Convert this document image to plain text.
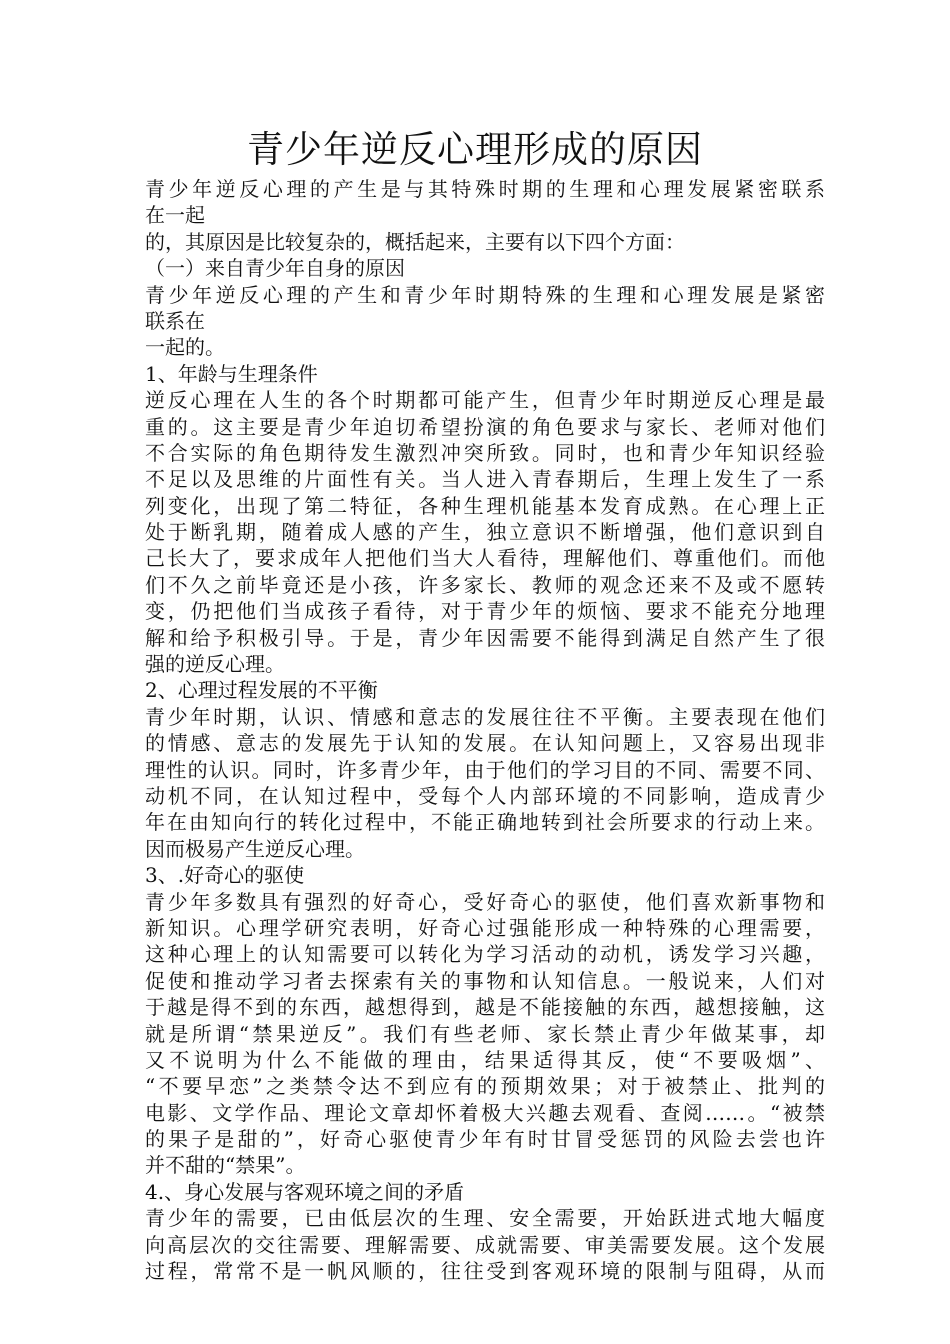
青少年逆反心理形成的原因
青少年逆反心理的产生是与其特殊时期的生理和心理发展紧密联系
在一起
的，其原因是比较复杂的，概括起来，主要有以下四个方面：
（一）来自青少年自身的原因
青少年逆反心理的产生和青少年时期特殊的生理和心理发展是紧密
联系在
一起的。
1、年龄与生理条件
逆反心理在人生的各个时期都可能产生，但青少年时期逆反心理是最
重的。这主要是青少年迫切希望扮演的角色要求与家长、老师对他们
不合实际的角色期待发生激烈冲突所致。同时，也和青少年知识经验
不足以及思维的片面性有关。当人进入青春期后，生理上发生了一系
列变化，出现了第二特征，各种生理机能基本发育成熟。在心理上正
处于断乳期，随着成人感的产生，独立意识不断增强，他们意识到自
己长大了，要求成年人把他们当大人看待，理解他们、尊重他们。而他
们不久之前毕竟还是小孩，许多家长、教师的观念还来不及或不愿转
变，仍把他们当成孩子看待，对于青少年的烦恼、要求不能充分地理
解和给予积极引导。于是，青少年因需要不能得到满足自然产生了很
强的逆反心理。
2、心理过程发展的不平衡
青少年时期，认识、情感和意志的发展往往不平衡。主要表现在他们
的情感、意志的发展先于认知的发展。在认知问题上，又容易出现非
理性的认识。同时，许多青少年，由于他们的学习目的不同、需要不同、
动机不同，在认知过程中，受每个人内部环境的不同影响，造成青少
年在由知向行的转化过程中，不能正确地转到社会所要求的行动上来。
因而极易产生逆反心理。
3、.好奇心的驱使
青少年多数具有强烈的好奇心，受好奇心的驱使，他们喜欢新事物和
新知识。心理学研究表明，好奇心过强能形成一种特殊的心理需要，
这种心理上的认知需要可以转化为学习活动的动机，诱发学习兴趣，
促使和推动学习者去探索有关的事物和认知信息。一般说来，人们对
于越是得不到的东西，越想得到，越是不能接触的东西，越想接触，这
就是所谓“禁果逆反”。我们有些老师、家长禁止青少年做某事，却
又不说明为什么不能做的理由，结果适得其反，使“不要吸烟”、
“不要早恋”之类禁令达不到应有的预期效果；对于被禁止、批判的
电影、文学作品、理论文章却怀着极大兴趣去观看、查阅……。“被禁
的果子是甜的”，好奇心驱使青少年有时甘冒受惩罚的风险去尝也许
并不甜的“禁果”。
4.、身心发展与客观环境之间的矛盾
青少年的需要，已由低层次的生理、安全需要，开始跃进式地大幅度
向高层次的交往需要、理解需要、成就需要、审美需要发展。这个发展
过程，常常不是一帆风顺的，往往受到客观环境的限制与阻碍，从而
